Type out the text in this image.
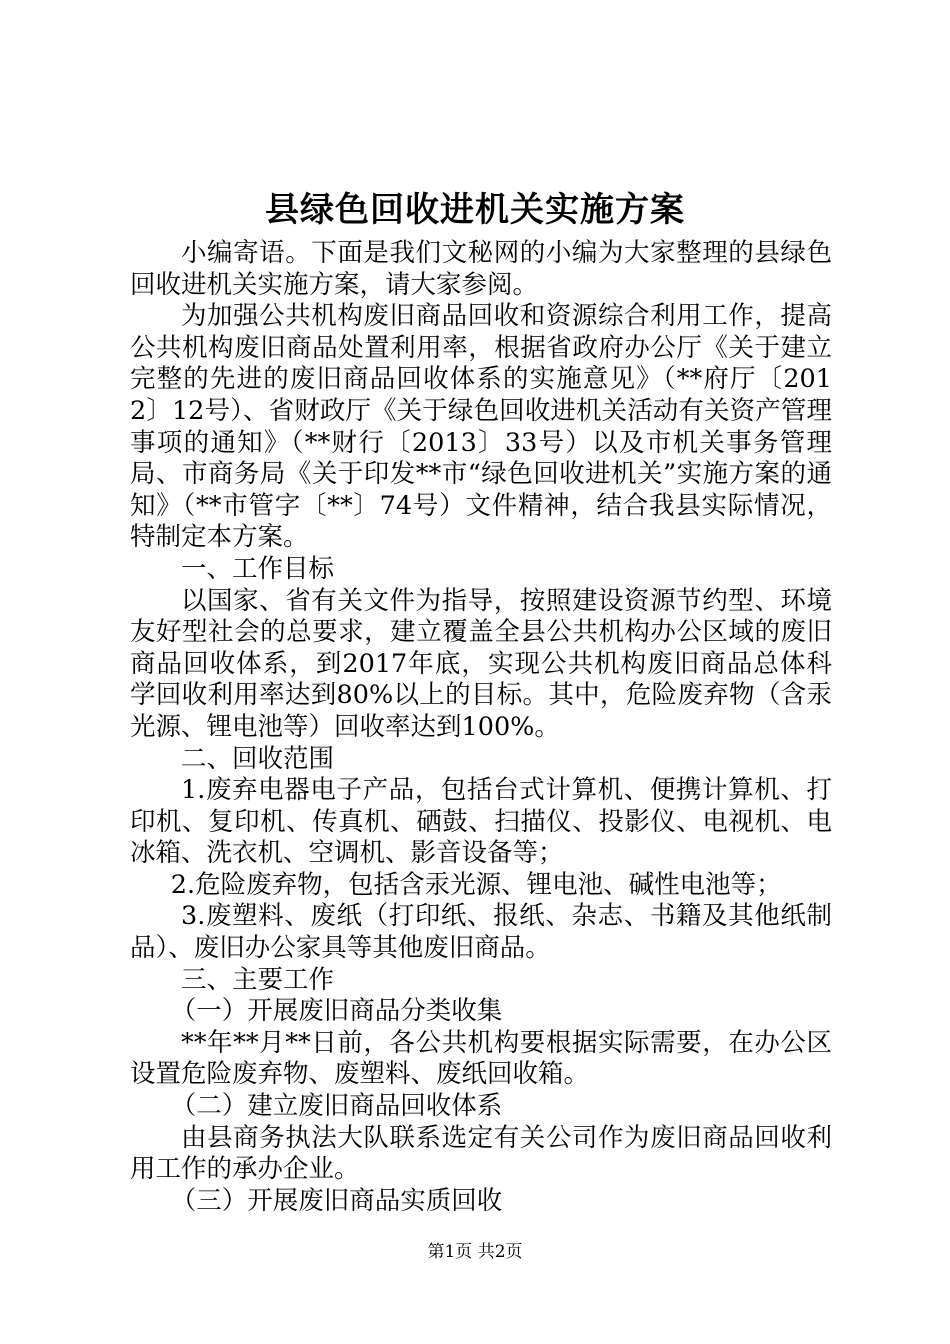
县绿色回收进机关实施方案

小编寄语。下面是我们文秘网的小编为大家整理的县绿色回收进机关实施方案，请大家参阅。

为加强公共机构废旧商品回收和资源综合利用工作，提高公共机构废旧商品处置利用率，根据省政府办公厅《关于建立完整的先进的废旧商品回收体系的实施意见》（**府厅〔2012〕12号）、省财政厅《关于绿色回收进机关活动有关资产管理事项的通知》（**财行〔2013〕33号）以及市机关事务管理局、市商务局《关于印发**市“绿色回收进机关”实施方案的通知》（**市管字〔**〕74号）文件精神，结合我县实际情况，特制定本方案。

一、工作目标

以国家、省有关文件为指导，按照建设资源节约型、环境友好型社会的总要求，建立覆盖全县公共机构办公区域的废旧商品回收体系，到2017年底，实现公共机构废旧商品总体科学回收利用率达到80%以上的目标。其中，危险废弃物（含汞光源、锂电池等）回收率达到100%。

二、回收范围

1.废弃电器电子产品，包括台式计算机、便携计算机、打印机、复印机、传真机、硒鼓、扫描仪、投影仪、电视机、电冰箱、洗衣机、空调机、影音设备等；

2.危险废弃物，包括含汞光源、锂电池、碱性电池等；

3.废塑料、废纸（打印纸、报纸、杂志、书籍及其他纸制品）、废旧办公家具等其他废旧商品。

三、主要工作

（一）开展废旧商品分类收集

**年**月**日前，各公共机构要根据实际需要，在办公区设置危险废弃物、废塑料、废纸回收箱。

（二）建立废旧商品回收体系

由县商务执法大队联系选定有关公司作为废旧商品回收利用工作的承办企业。

（三）开展废旧商品实质回收

第1页 共2页
